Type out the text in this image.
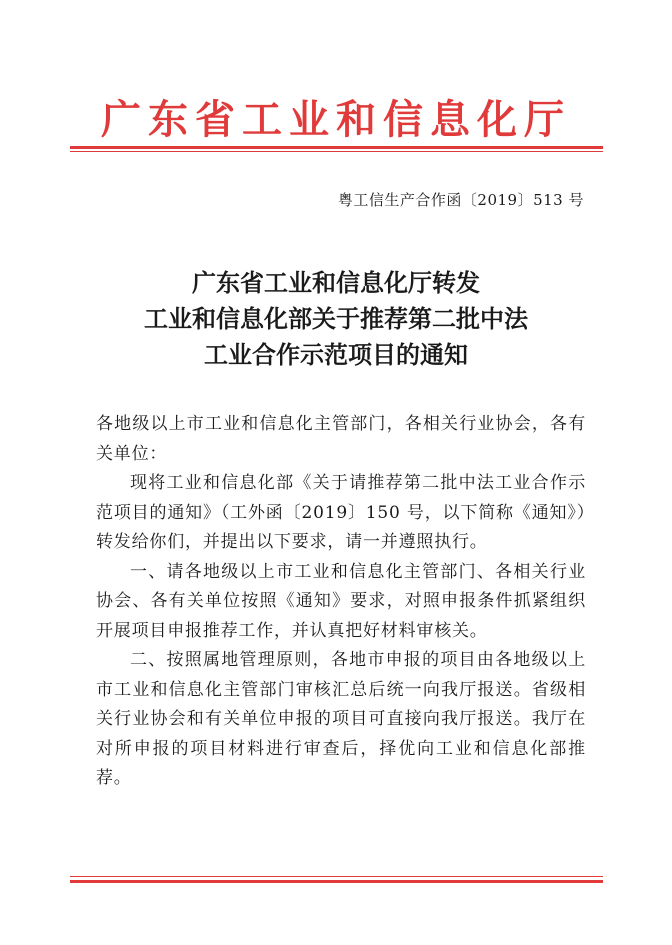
广东省工业和信息化厅
粤工信生产合作函〔2019〕513 号
广东省工业和信息化厅转发
工业和信息化部关于推荐第二批中法
工业合作示范项目的通知

各地级以上市工业和信息化主管部门，各相关行业协会，各有关单位：

现将工业和信息化部《关于请推荐第二批中法工业合作示范项目的通知》（工外函〔2019〕150 号，以下简称《通知》）转发给你们，并提出以下要求，请一并遵照执行。

一、请各地级以上市工业和信息化主管部门、各相关行业协会、各有关单位按照《通知》要求，对照申报条件抓紧组织开展项目申报推荐工作，并认真把好材料审核关。

二、按照属地管理原则，各地市申报的项目由各地级以上市工业和信息化主管部门审核汇总后统一向我厅报送。省级相关行业协会和有关单位申报的项目可直接向我厅报送。我厅在对所申报的项目材料进行审查后，择优向工业和信息化部推荐。
